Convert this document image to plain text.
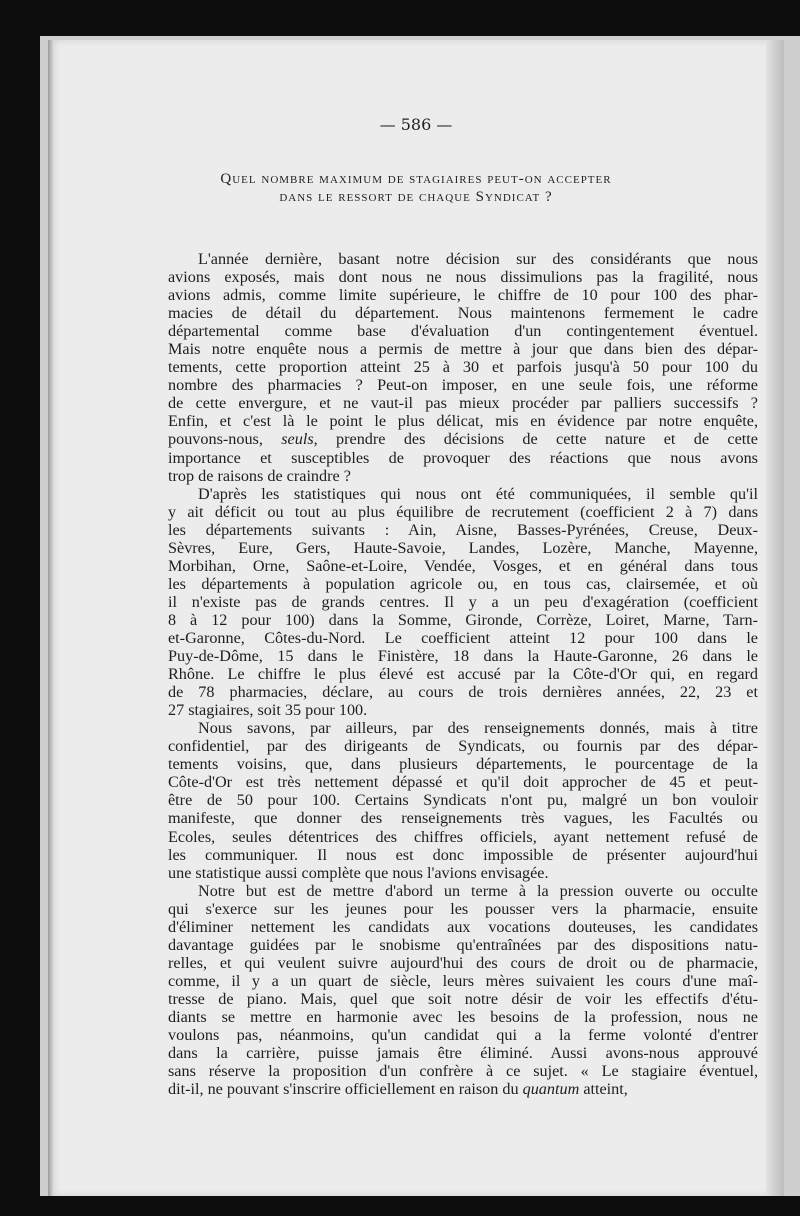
— 586 —
Quel nombre maximum de stagiaires peut-on accepter
dans le ressort de chaque Syndicat ?

L'année dernière, basant notre décision sur des considérants que nous
avions exposés, mais dont nous ne nous dissimulions pas la fragilité, nous
avions admis, comme limite supérieure, le chiffre de 10 pour 100 des phar-
macies de détail du département. Nous maintenons fermement le cadre
départemental comme base d'évaluation d'un contingentement éventuel.
Mais notre enquête nous a permis de mettre à jour que dans bien des dépar-
tements, cette proportion atteint 25 à 30 et parfois jusqu'à 50 pour 100 du
nombre des pharmacies ? Peut-on imposer, en une seule fois, une réforme
de cette envergure, et ne vaut-il pas mieux procéder par palliers successifs ?
Enfin, et c'est là le point le plus délicat, mis en évidence par notre enquête,
pouvons-nous, seuls, prendre des décisions de cette nature et de cette
importance et susceptibles de provoquer des réactions que nous avons
trop de raisons de craindre ?

D'après les statistiques qui nous ont été communiquées, il semble qu'il
y ait déficit ou tout au plus équilibre de recrutement (coefficient 2 à 7) dans
les départements suivants : Ain, Aisne, Basses-Pyrénées, Creuse, Deux-
Sèvres, Eure, Gers, Haute-Savoie, Landes, Lozère, Manche, Mayenne,
Morbihan, Orne, Saône-et-Loire, Vendée, Vosges, et en général dans tous
les départements à population agricole ou, en tous cas, clairsemée, et où
il n'existe pas de grands centres. Il y a un peu d'exagération (coefficient
8 à 12 pour 100) dans la Somme, Gironde, Corrèze, Loiret, Marne, Tarn-
et-Garonne, Côtes-du-Nord. Le coefficient atteint 12 pour 100 dans le
Puy-de-Dôme, 15 dans le Finistère, 18 dans la Haute-Garonne, 26 dans le
Rhône. Le chiffre le plus élevé est accusé par la Côte-d'Or qui, en regard
de 78 pharmacies, déclare, au cours de trois dernières années, 22, 23 et
27 stagiaires, soit 35 pour 100.

Nous savons, par ailleurs, par des renseignements donnés, mais à titre
confidentiel, par des dirigeants de Syndicats, ou fournis par des dépar-
tements voisins, que, dans plusieurs départements, le pourcentage de la
Côte-d'Or est très nettement dépassé et qu'il doit approcher de 45 et peut-
être de 50 pour 100. Certains Syndicats n'ont pu, malgré un bon vouloir
manifeste, que donner des renseignements très vagues, les Facultés ou
Ecoles, seules détentrices des chiffres officiels, ayant nettement refusé de
les communiquer. Il nous est donc impossible de présenter aujourd'hui
une statistique aussi complète que nous l'avions envisagée.

Notre but est de mettre d'abord un terme à la pression ouverte ou occulte
qui s'exerce sur les jeunes pour les pousser vers la pharmacie, ensuite
d'éliminer nettement les candidats aux vocations douteuses, les candidates
davantage guidées par le snobisme qu'entraînées par des dispositions natu-
relles, et qui veulent suivre aujourd'hui des cours de droit ou de pharmacie,
comme, il y a un quart de siècle, leurs mères suivaient les cours d'une maî-
tresse de piano. Mais, quel que soit notre désir de voir les effectifs d'étu-
diants se mettre en harmonie avec les besoins de la profession, nous ne
voulons pas, néanmoins, qu'un candidat qui a la ferme volonté d'entrer
dans la carrière, puisse jamais être éliminé. Aussi avons-nous approuvé
sans réserve la proposition d'un confrère à ce sujet. « Le stagiaire éventuel,
dit-il, ne pouvant s'inscrire officiellement en raison du quantum atteint,
